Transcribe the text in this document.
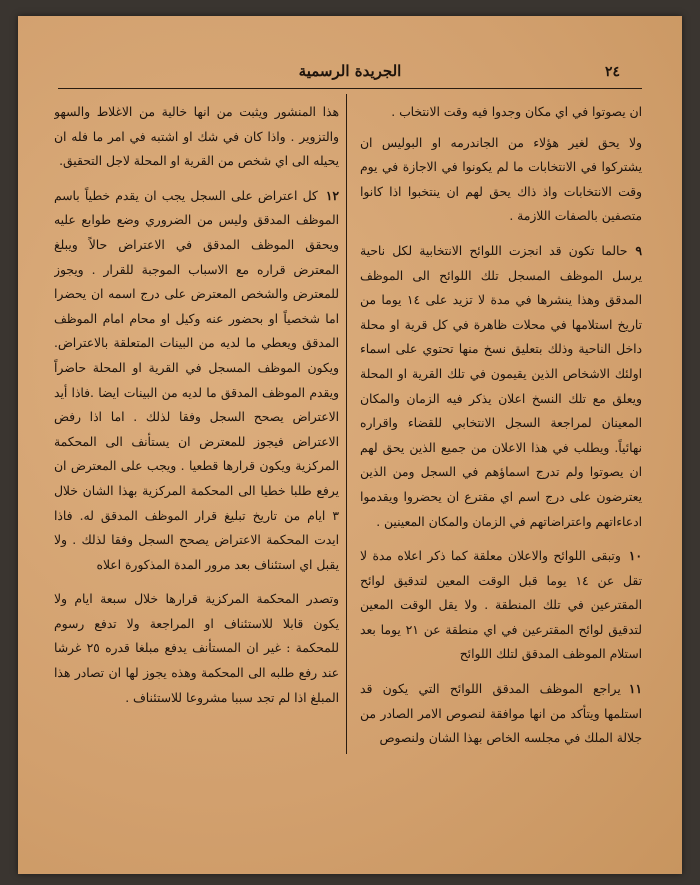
٢٤
الجريدة الرسمية

ان يصوتوا في اي مكان وجدوا فيه وقت الانتخاب .

ولا يحق لغير هؤلاء من الجاندرمه او البوليس ان يشتركوا في الانتخابات ما لم يكونوا في الاجازة في يوم وقت الانتخابات واذ ذاك يحق لهم ان ينتخبوا اذا كانوا متصفين بالصفات اللازمة .

٩حالما تكون قد انجزت اللوائح الانتخابية لكل ناحية يرسل الموظف المسجل تلك اللوائح الى الموظف المدقق وهذا ينشرها في مدة لا تزيد على ١٤ يوما من تاريخ استلامها في محلات ظاهرة في كل قرية او محلة داخل الناحية وذلك بتعليق نسخ منها تحتوي على اسماء اولئك الاشخاص الذين يقيمون في تلك القرية او المحلة ويعلق مع تلك النسخ اعلان يذكر فيه الزمان والمكان المعينان لمراجعة السجل الانتخابي للقضاء واقراره نهائياً. ويطلب في هذا الاعلان من جميع الذين يحق لهم ان يصوتوا ولم تدرج اسماؤهم في السجل ومن الذين يعترضون على درج اسم اي مقترع ان يحضروا ويقدموا ادعاءاتهم واعتراضاتهم في الزمان والمكان المعينين .

١٠وتبقى اللوائح والاعلان معلقة كما ذكر اعلاه مدة لا تقل عن ١٤ يوما قبل الوقت المعين لتدقيق لوائح المقترعين في تلك المنطقة . ولا يقل الوقت المعين لتدقيق لوائح المقترعين في اي منطقة عن ٢١ يوما بعد استلام الموظف المدقق لتلك اللوائح

١١يراجع الموظف المدقق اللوائح التي يكون قد استلمها ويتأكد من انها موافقة لنصوص الامر الصادر من جلالة الملك في مجلسه الخاص بهذا الشان ولنصوص

هذا المنشور ويثبت من انها خالية من الاغلاط والسهو والتزوير . واذا كان في شك او اشتبه في امر ما فله ان يحيله الى اي شخص من القرية او المحلة لاجل التحقيق.

١٢كل اعتراض على السجل يجب ان يقدم خطياً باسم الموظف المدقق وليس من الضروري وضع طوابع عليه ويحقق الموظف المدقق في الاعتراض حالاً ويبلغ المعترض قراره مع الاسباب الموجبة للقرار . ويجوز للمعترض والشخص المعترض على درج اسمه ان يحضرا اما شخصياً او بحضور عنه وكيل او محام امام الموظف المدقق ويعطي ما لديه من البينات المتعلقة بالاعتراض. ويكون الموظف المسجل في القرية او المحلة حاضراً ويقدم الموظف المدقق ما لديه من البينات ايضا .فاذا أيد الاعتراض يصحح السجل وفقا لذلك . اما اذا رفض الاعتراض فيجوز للمعترض ان يستأنف الى المحكمة المركزية ويكون قرارها قطعيا . ويجب على المعترض ان يرفع طلبا خطيا الى المحكمة المركزية بهذا الشان خلال ٣ ايام من تاريخ تبليغ قرار الموظف المدقق له. فاذا ايدت المحكمة الاعتراض يصحح السجل وفقا لذلك . ولا يقبل اي استئناف بعد مرور المدة المذكورة اعلاه

وتصدر المحكمة المركزية قرارها خلال سبعة ايام ولا يكون قابلا للاستئناف او المراجعة ولا تدفع رسوم للمحكمة : غير ان المستأنف يدفع مبلغا قدره ٢٥ غرشا عند رفع طلبه الى المحكمة وهذه يجوز لها ان تصادر هذا المبلغ اذا لم تجد سببا مشروعا للاستئناف .
